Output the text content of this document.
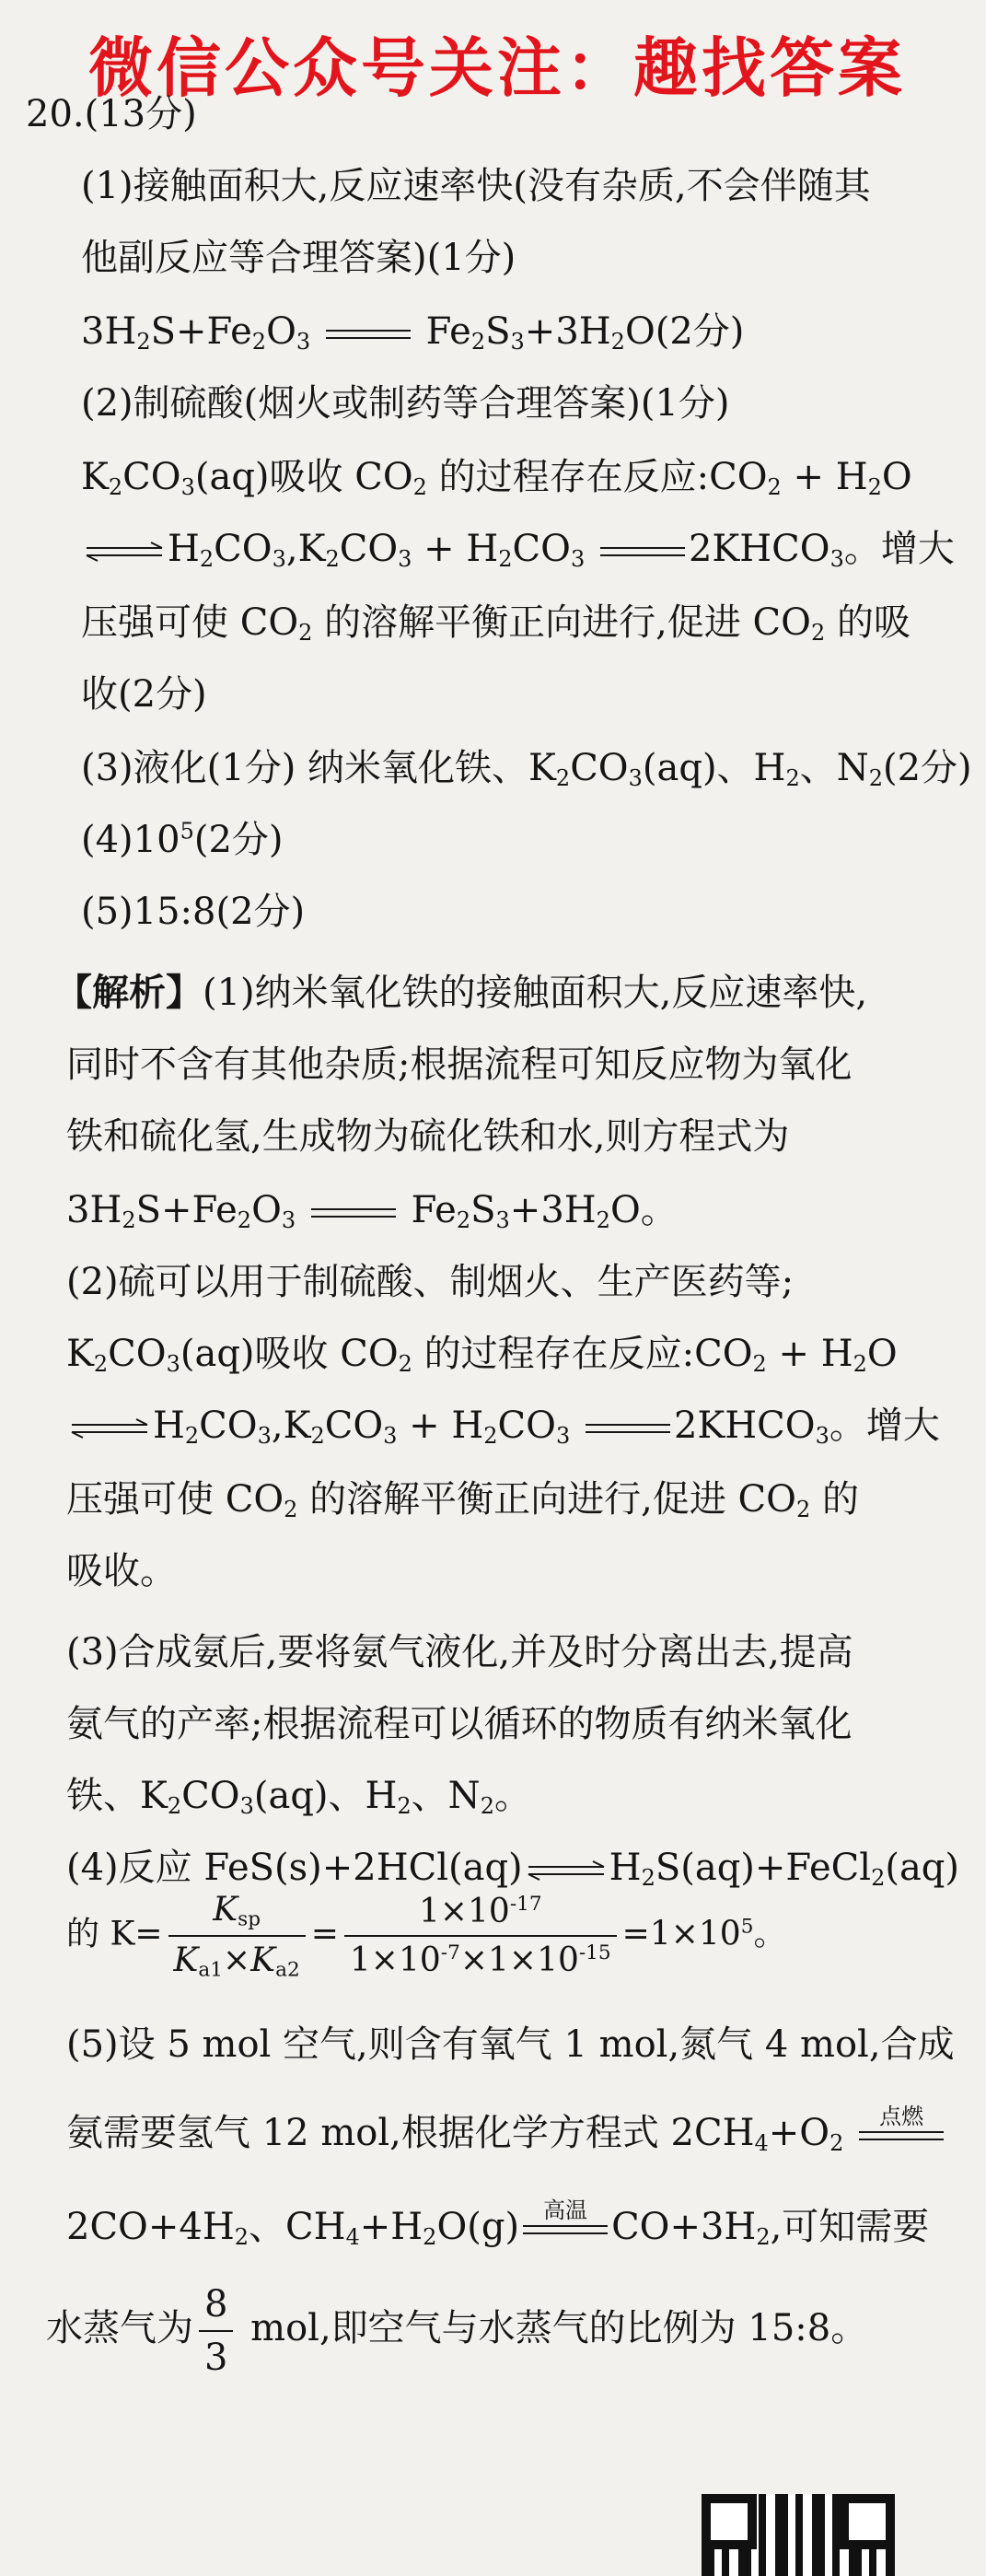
微信公众号关注：趣找答案
20.(13分)
(1)接触面积大,反应速率快(没有杂质,不会伴随其
他副反应等合理答案)(1分)
$3H_2S+Fe_2O_3$	$Fe_2S_3+3H_2O(2$分)
(2)制硫酸(烟火或制药等合理答案)(1分)
$K_2CO_3(aq)$吸收 $CO_2$ 的过程存在反应$:CO_2 + H_2O$
⇌ $H_2CO_3,K_2CO_3 + H_2CO_3$	$2KHCO_3$。增大
压强可使 $CO_2$ 的溶解平衡正向进行,促进 $CO_2$ 的吸
收(2分)
(3)液化(1分) 纳米氧化铁、$K_2CO_3(aq)$、$H_2$、$N_2(2$分)
$(4)10^5(2$分)
(5)15:8(2分)
【解析】(1)纳米氧化铁的接触面积大,反应速率快,
同时不含有其他杂质;根据流程可知反应物为氧化
铁和硫化氢,生成物为硫化铁和水,则方程式为
$3H_2S+Fe_2O_3$	$Fe_2S_3+3H_2O$。
(2)硫可以用于制硫酸、制烟火、生产医药等;
$K_2CO_3(aq)$吸收 $CO_2$ 的过程存在反应$:CO_2 + H_2O$
⇌ $H_2CO_3,K_2CO_3 + H_2CO_3$	$2KHCO_3$。增大
压强可使 $CO_2$ 的溶解平衡正向进行,促进 $CO_2$ 的
吸收。
(3)合成氨后,要将氨气液化,并及时分离出去,提高
氨气的产率;根据流程可以循环的物质有纳米氧化
铁、$K_2CO_3(aq)$、$H_2$、$N_2$。
(4)反应 FeS(s)+2HCl(aq) ⇌ $H_2S(aq)+FeCl_2(aq)$
的 $K= \frac{K_{sp}}{K_{a1}\times K_{a2}} = \frac{1\times 10^{-17}}{1\times 10^{-7}\times 1\times 10^{-15}} =1\times 10^5$。
(5)设 5 mol 空气,则含有氧气 1 mol,氮气 4 mol,合成
氨需要氢气 12 mol,根据化学方程式 $2CH_4+O_2$
点燃
$2CO+4H_2$、$CH_4+H_2O(g)$	高温 $CO+3H_2$,可知需要
水蒸气为 $\frac{8}{3}$ mol,即空气与水蒸气的比例为 15:8。
